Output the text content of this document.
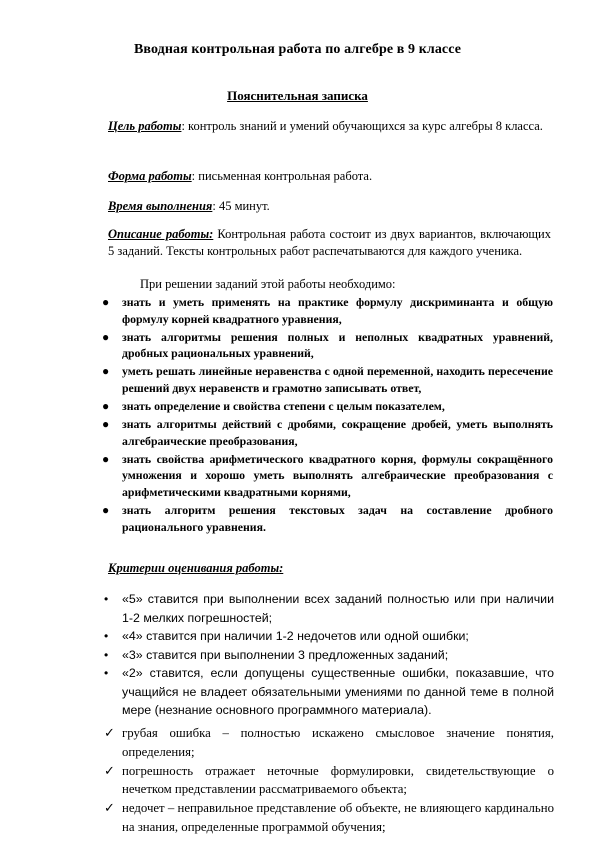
Вводная контрольная работа по алгебре в 9 классе
Пояснительная записка
Цель работы: контроль знаний и умений обучающихся за курс алгебры 8 класса.
Форма работы: письменная контрольная работа.
Время выполнения: 45 минут.
Описание работы: Контрольная работа состоит из двух вариантов, включающих 5 заданий. Тексты контрольных работ распечатываются для каждого ученика.
При решении заданий этой работы необходимо:
● знать и уметь применять на практике формулу дискриминанта и общую формулу корней квадратного уравнения,
● знать алгоритмы решения полных и неполных квадратных уравнений, дробных рациональных уравнений,
● уметь решать линейные неравенства с одной переменной, находить пересечение решений двух неравенств и грамотно записывать ответ,
● знать определение и свойства степени с целым показателем,
● знать алгоритмы действий с дробями, сокращение дробей, уметь выполнять алгебраические преобразования,
● знать свойства арифметического квадратного корня, формулы сокращённого умножения и хорошо уметь выполнять алгебраические преобразования с арифметическими квадратными корнями,
● знать алгоритм решения текстовых задач на составление дробного рационального уравнения.
Критерии оценивания работы:
• «5» ставится при выполнении всех заданий полностью или при наличии 1-2 мелких погрешностей;
• «4» ставится при наличии 1-2 недочетов или одной ошибки;
• «3» ставится при выполнении 3 предложенных заданий;
• «2» ставится, если допущены существенные ошибки, показавшие, что учащийся не владеет обязательными умениями по данной теме в полной мере (незнание основного программного материала).
✓ грубая ошибка – полностью искажено смысловое значение понятия, определения;
✓ погрешность отражает неточные формулировки, свидетельствующие о нечетком представлении рассматриваемого объекта;
✓ недочет – неправильное представление об объекте, не влияющего кардинально на знания, определенные программой обучения;
